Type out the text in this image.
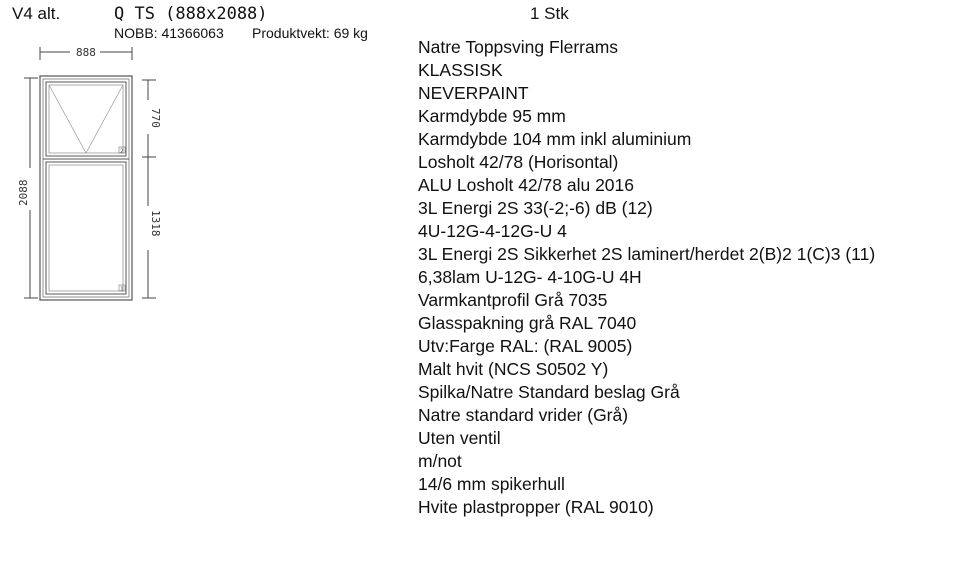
V4 alt.	Q TS (888x2088)	1 Stk
NOBB: 41366063 Produktvekt: 69 kg
888
2088
2
1
770
1318
Natre Toppsving Flerrams
KLASSISK
NEVERPAINT
Karmdybde 95 mm
Karmdybde 104 mm inkl aluminium
Losholt 42/78 (Horisontal)
ALU Losholt 42/78 alu 2016
3L Energi 2S 33(-2;-6) dB (12)
4U-12G-4-12G-U 4
3L Energi 2S Sikkerhet 2S laminert/herdet 2(B)2 1(C)3 (11)
6,38lam U-12G- 4-10G-U 4H
Varmkantprofil Grå 7035
Glasspakning grå RAL 7040
Utv:Farge RAL: (RAL 9005)
Malt hvit (NCS S0502 Y)
Spilka/Natre Standard beslag Grå
Natre standard vrider (Grå)
Uten ventil
m/not
14/6 mm spikerhull
Hvite plastpropper (RAL 9010)
